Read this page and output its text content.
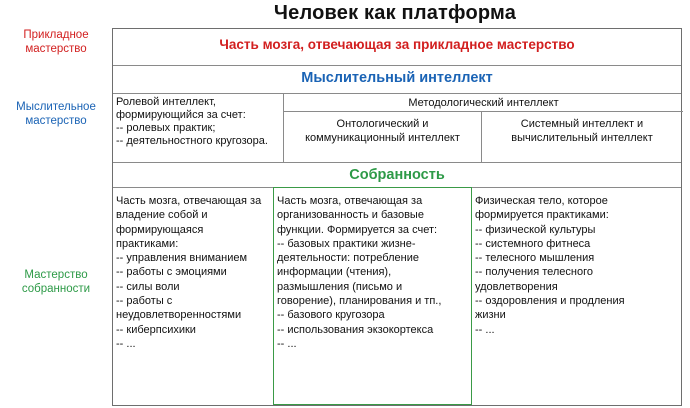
Человек как платформа
Прикладное
мастерство
Мыслительное
мастерство
Мастерство
собранности
Часть мозга, отвечающая за прикладное мастерство
Мыслительный интеллект
Собранность
Ролевой интеллект,
формирующийся за счет:
-- ролевых практик;
-- деятельностного кругозора.
Методологический интеллект
Онтологический и
коммуникационный интеллект
Системный интеллект и
вычислительный интеллект
Часть мозга, отвечающая за
владение собой и
формирующаяся
практиками:
-- управления вниманием
-- работы с эмоциями
-- силы воли
-- работы с
неудовлетворенностями
-- киберпсихики
-- ...
Часть мозга, отвечающая за
организованность и базовые
функции. Формируется за счет:
-- базовых практики жизне-
деятельности: потребление
информации (чтения),
размышления (письмо и
говорение), планирования и тп.,
-- базового кругозора
-- использования экзокортекса
-- ...
Физическая тело, которое
формируется практиками:
-- физической культуры
-- системного фитнеса
-- телесного мышления
-- получения телесного
удовлетворения
-- оздоровления и продления
жизни
-- ...
